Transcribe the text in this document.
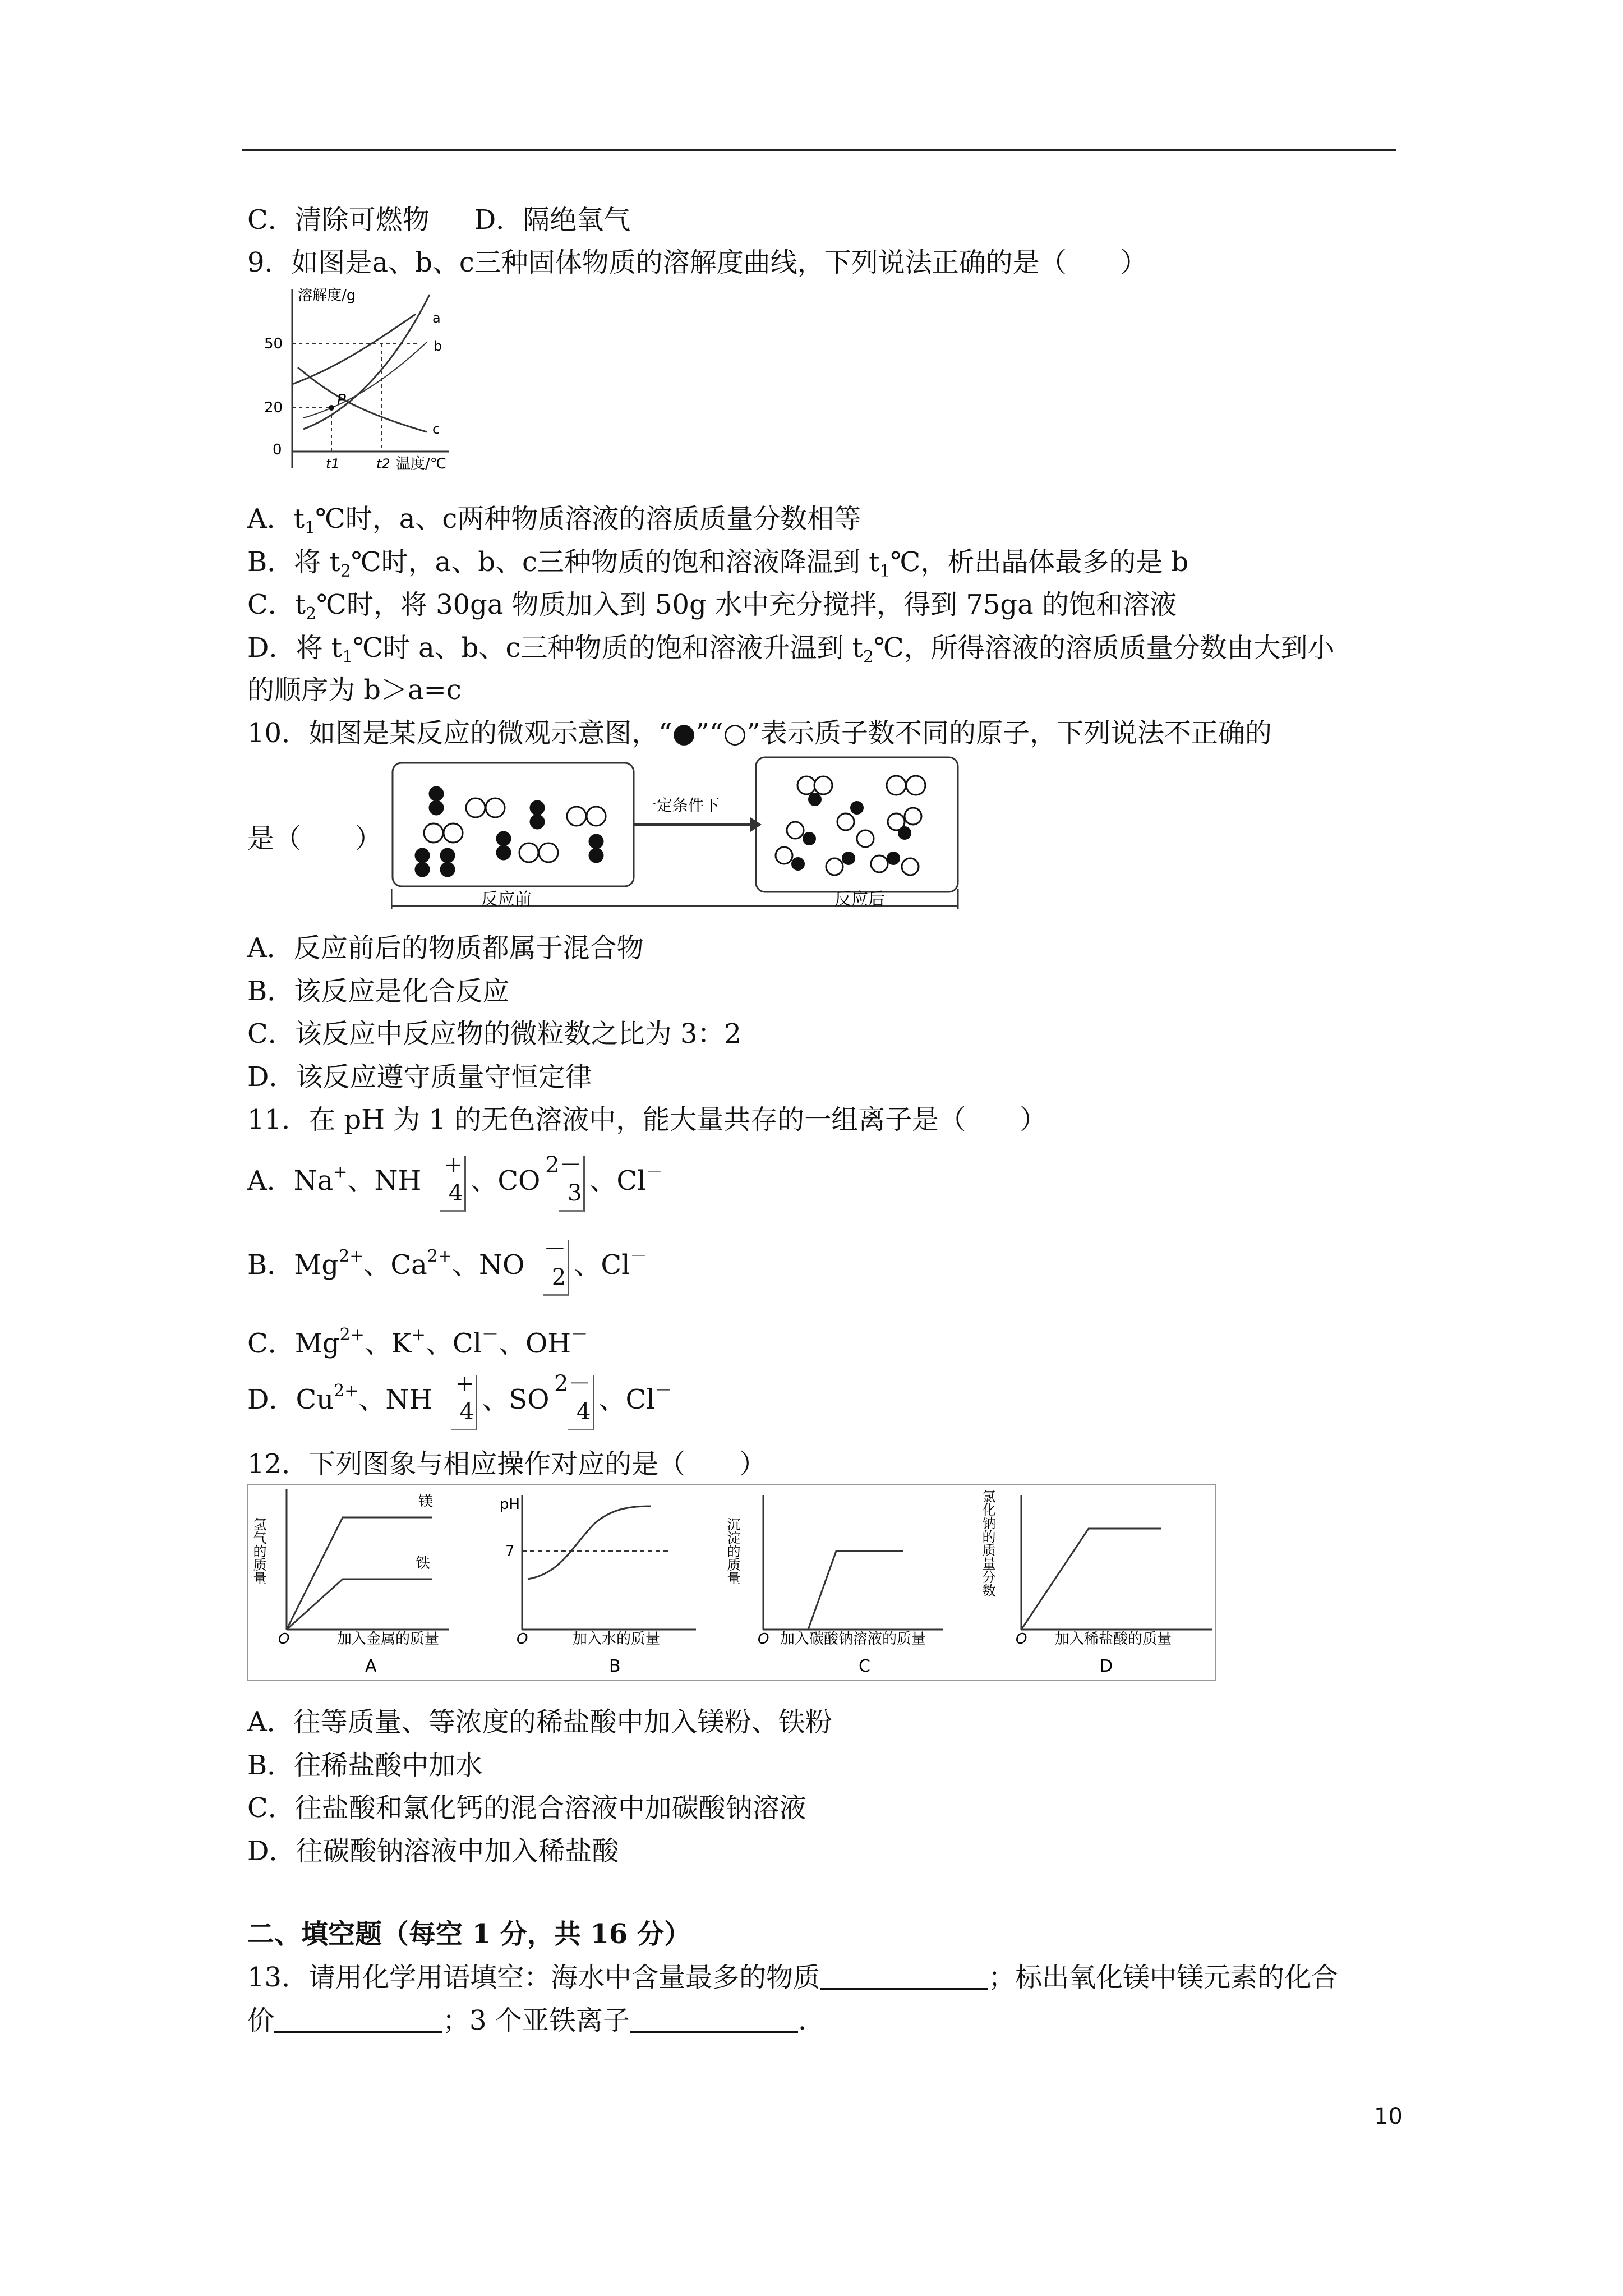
C．清除可燃物 D．隔绝氧气
9．如图是a、b、c三种固体物质的溶解度曲线，下列说法正确的是（　　）
溶解度/g
50
20
0
t1	t2 温度/℃
P
a
b
c
A．$t_1℃$时，a、c两种物质溶液的溶质质量分数相等
B．将 $t_2℃$时，a、b、c三种物质的饱和溶液降温到 $t_1℃$，析出晶体最多的是 b
C．$t_2℃$时，将 30ga 物质加入到 50g 水中充分搅拌，得到 75ga 的饱和溶液
D．将 $t_1℃$时 a、b、c三种物质的饱和溶液升温到 $t_2℃$，所得溶液的溶质质量分数由大到小
的顺序为 b＞a=c
10．如图是某反应的微观示意图，“●”“○”表示质子数不同的原子，下列说法不正确的
是（　　）
一定条件下
反应前	反应后
A．反应前后的物质都属于混合物
B．该反应是化合反应
C．该反应中反应物的微粒数之比为 3：2
D．该反应遵守质量守恒定律
11．在 pH 为 1 的无色溶液中，能大量共存的一组离子是（　　）
A．Na+、NH
+
4 、CO
2－
3 、Cl－
B．$Mg^{2+}$、$Ca^{2+}$、NO
－
2 、Cl－
C．$Mg^{2+}$、K+、Cl－、OH－
D．$Cu^{2+}$、NH
+
4 、SO
2－
4 、Cl－
12．下列图象与相应操作对应的是（　　）
氢气的质量
镁
铁
O	加入金属的质量
A
pH
7
O	加入水的质量
B
沉淀的质量
O 加入碳酸钠溶液的质量
C
氯化钠的质量分数
O 加入稀盐酸的质量
D
A．往等质量、等浓度的稀盐酸中加入镁粉、铁粉
B．往稀盐酸中加水
C．往盐酸和氯化钙的混合溶液中加碳酸钠溶液
D．往碳酸钠溶液中加入稀盐酸
二、填空题（每空 1 分，共 16 分）
13．请用化学用语填空：海水中含量最多的物质	；标出氧化镁中镁元素的化合
价	；3 个亚铁离子	.
10
